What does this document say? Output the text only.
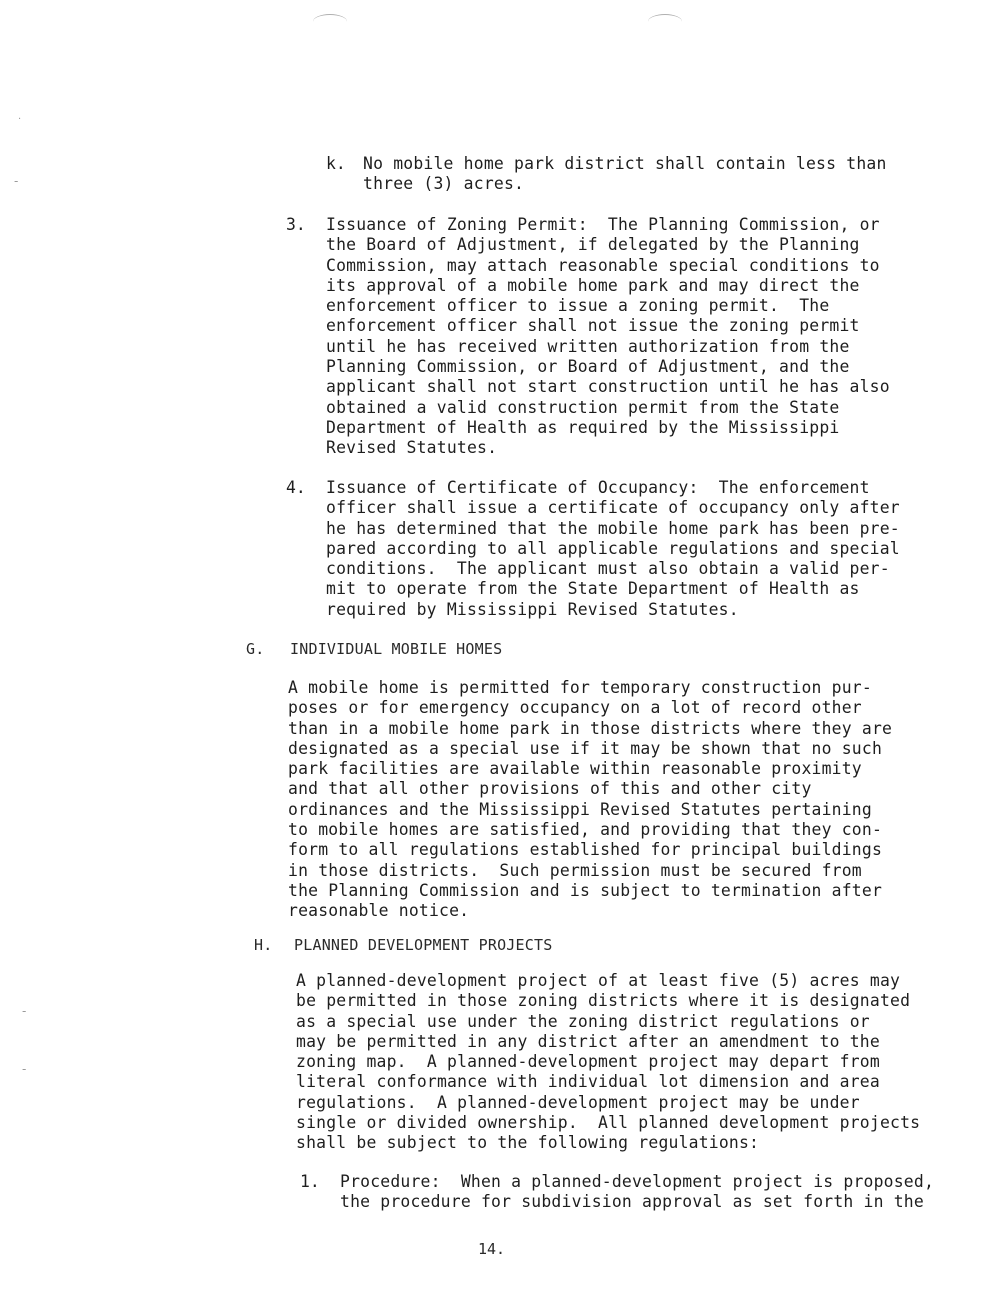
·
-
-
-
k. No mobile home park district shall contain less than
three (3) acres.
3. Issuance of Zoning Permit:  The Planning Commission, or
the Board of Adjustment, if delegated by the Planning
Commission, may attach reasonable special conditions to
its approval of a mobile home park and may direct the
enforcement officer to issue a zoning permit.  The
enforcement officer shall not issue the zoning permit
until he has received written authorization from the
Planning Commission, or Board of Adjustment, and the
applicant shall not start construction until he has also
obtained a valid construction permit from the State
Department of Health as required by the Mississippi
Revised Statutes.
4. Issuance of Certificate of Occupancy:  The enforcement
officer shall issue a certificate of occupancy only after
he has determined that the mobile home park has been pre-
pared according to all applicable regulations and special
conditions.  The applicant must also obtain a valid per-
mit to operate from the State Department of Health as
required by Mississippi Revised Statutes.
G. INDIVIDUAL MOBILE HOMES
A mobile home is permitted for temporary construction pur-
poses or for emergency occupancy on a lot of record other
than in a mobile home park in those districts where they are
designated as a special use if it may be shown that no such
park facilities are available within reasonable proximity
and that all other provisions of this and other city
ordinances and the Mississippi Revised Statutes pertaining
to mobile homes are satisfied, and providing that they con-
form to all regulations established for principal buildings
in those districts.  Such permission must be secured from
the Planning Commission and is subject to termination after
reasonable notice.
H. PLANNED DEVELOPMENT PROJECTS
A planned-development project of at least five (5) acres may
be permitted in those zoning districts where it is designated
as a special use under the zoning district regulations or
may be permitted in any district after an amendment to the
zoning map.  A planned-development project may depart from
literal conformance with individual lot dimension and area
regulations.  A planned-development project may be under
single or divided ownership.  All planned development projects
shall be subject to the following regulations:
1. Procedure:  When a planned-development project is proposed,
the procedure for subdivision approval as set forth in the
14.
